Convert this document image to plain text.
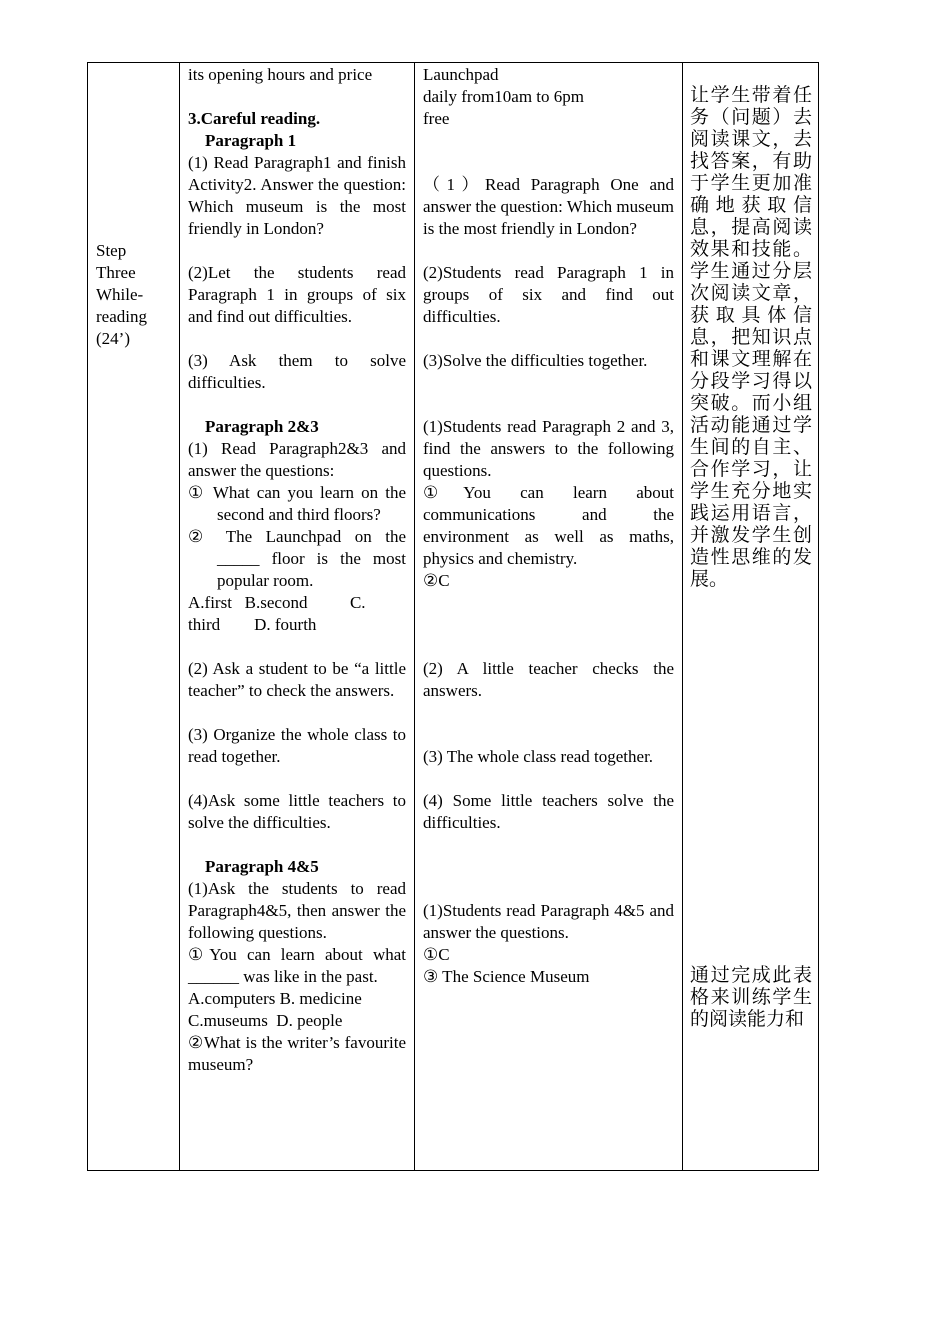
Step

Three

While-

reading

(24’)

its opening hours and price

3.Careful reading.

Paragraph 1

(1) Read Paragraph1 and finish Activity2. Answer the question: Which museum is the most friendly in London?

(2)Let the students read Paragraph 1 in groups of six and find out difficulties.

(3) Ask them to solve difficulties.

Paragraph 2&3

(1) Read Paragraph2&3 and answer the questions:

① What can you learn on the second and third floors?

② The Launchpad on the _____ floor is the most popular room.

A.first   B.second          C.

third        D. fourth

(2) Ask a student to be “a little teacher” to check the answers.

(3) Organize the whole class to read together.

(4)Ask some little teachers to solve the difficulties.

Paragraph 4&5

(1)Ask the students to read Paragraph4&5, then answer the following questions.

①You can learn about what ______ was like in the past.

A.computers B. medicine

C.museums  D. people

②What is the writer’s favourite museum?

Launchpad

daily from10am to 6pm

free

（1）Read Paragraph One and answer the question: Which museum is the most friendly in London?

(2)Students read Paragraph 1 in groups of six and find out difficulties.

(3)Solve the difficulties together.

(1)Students read Paragraph 2 and 3, find the answers to the following questions.

①You can learn about communications and the environment as well as maths, physics and chemistry.

②C

(2) A little teacher checks the answers.

(3) The whole class read together.

(4) Some little teachers solve the difficulties.

(1)Students read Paragraph 4&5 and answer the questions.

①C

③ The Science Museum

让学生带着任务（问题）去阅读课文，去找答案，有助于学生更加准确地获取信息，提高阅读效果和技能。学生通过分层次阅读文章，获取具体信息，把知识点和课文理解在分段学习得以突破。而小组活动能通过学生间的自主、合作学习，让学生充分地实践运用语言，并激发学生创造性思维的发展。

通过完成此表格来训练学生的阅读能力和
